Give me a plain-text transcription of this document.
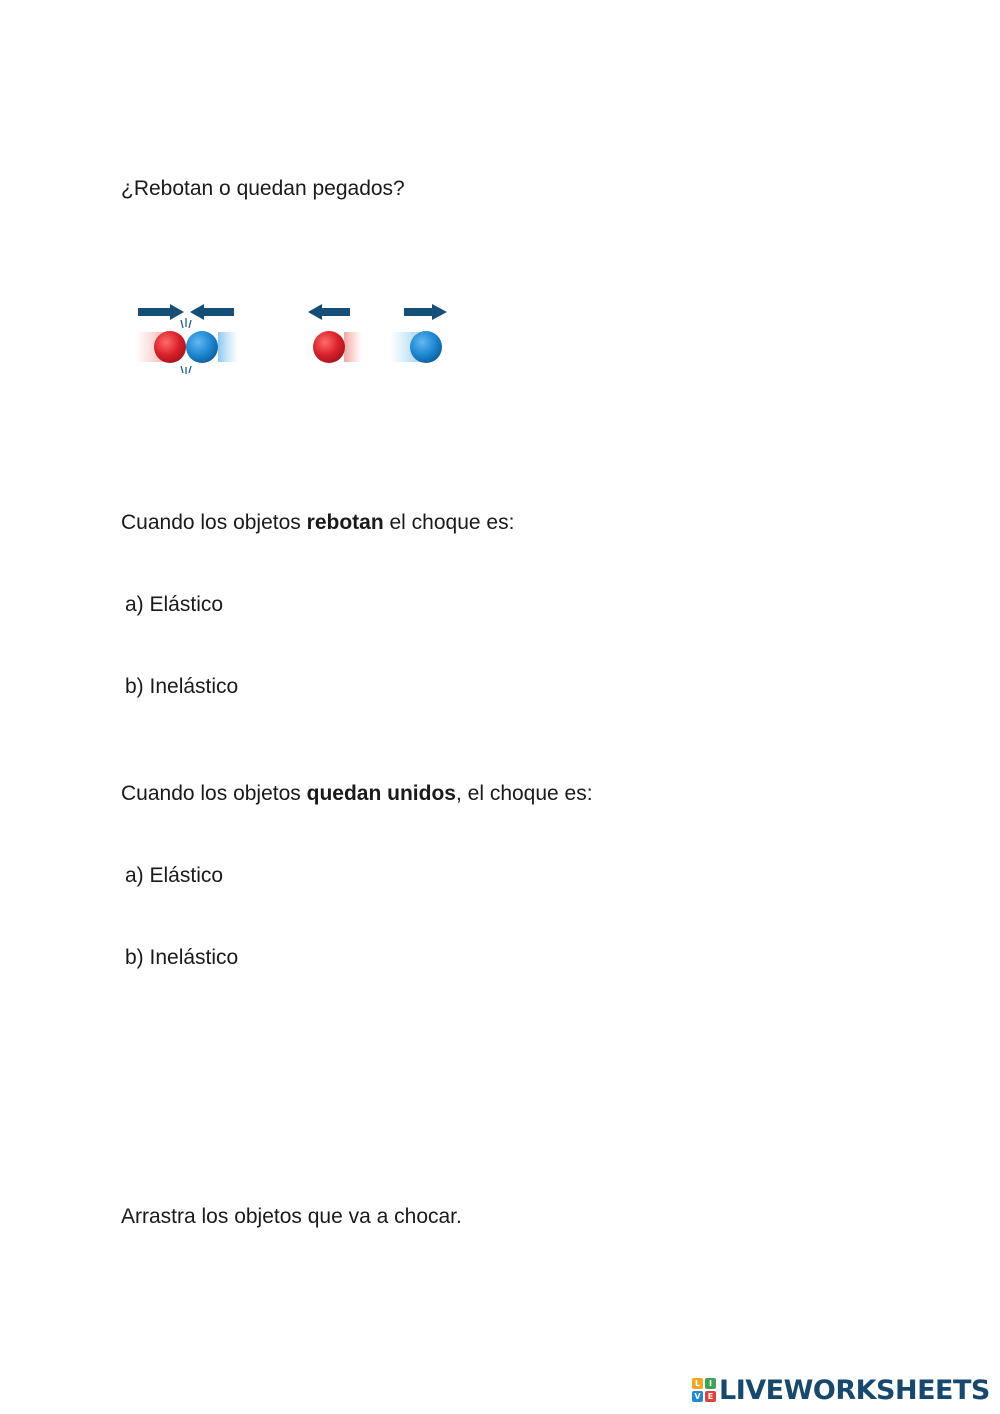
¿Rebotan o quedan pegados?
Cuando los objetos rebotan el choque es:
a) Elástico
b) Inelástico
Cuando los objetos quedan unidos, el choque es:
a) Elástico
b) Inelástico
Arrastra los objetos que va a chocar.
L	I
V E LIVEWORKSHEETS
